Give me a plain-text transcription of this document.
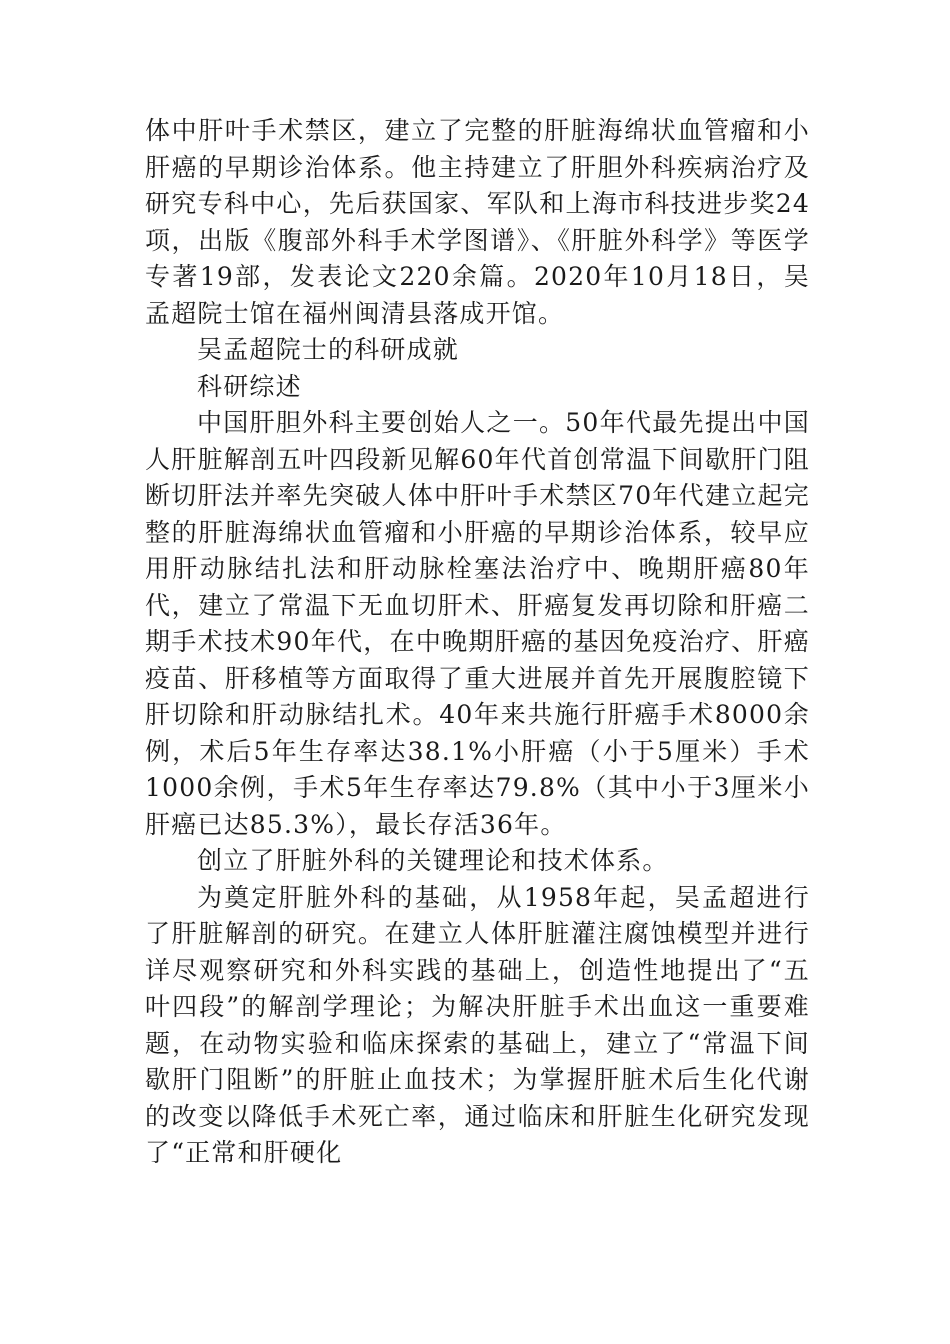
体中肝叶手术禁区，建立了完整的肝脏海绵状血管瘤和小肝癌的早期诊治体系。他主持建立了肝胆外科疾病治疗及研究专科中心，先后获国家、军队和上海市科技进步奖24项，出版《腹部外科手术学图谱》、《肝脏外科学》等医学专著19部，发表论文220余篇。2020年10月18日，吴孟超院士馆在福州闽清县落成开馆。

吴孟超院士的科研成就

科研综述

中国肝胆外科主要创始人之一。50年代最先提出中国人肝脏解剖五叶四段新见解60年代首创常温下间歇肝门阻断切肝法并率先突破人体中肝叶手术禁区70年代建立起完整的肝脏海绵状血管瘤和小肝癌的早期诊治体系，较早应用肝动脉结扎法和肝动脉栓塞法治疗中、晚期肝癌80年代，建立了常温下无血切肝术、肝癌复发再切除和肝癌二期手术技术90年代，在中晚期肝癌的基因免疫治疗、肝癌疫苗、肝移植等方面取得了重大进展并首先开展腹腔镜下肝切除和肝动脉结扎术。40年来共施行肝癌手术8000余例，术后5年生存率达38.1%小肝癌（小于5厘米）手术1000余例，手术5年生存率达79.8%（其中小于3厘米小肝癌已达85.3%），最长存活36年。

创立了肝脏外科的关键理论和技术体系。

为奠定肝脏外科的基础，从1958年起，吴孟超进行了肝脏解剖的研究。在建立人体肝脏灌注腐蚀模型并进行详尽观察研究和外科实践的基础上，创造性地提出了“五叶四段”的解剖学理论；为解决肝脏手术出血这一重要难题，在动物实验和临床探索的基础上，建立了“常温下间歇肝门阻断”的肝脏止血技术；为掌握肝脏术后生化代谢的改变以降低手术死亡率，通过临床和肝脏生化研究发现了“正常和肝硬化
